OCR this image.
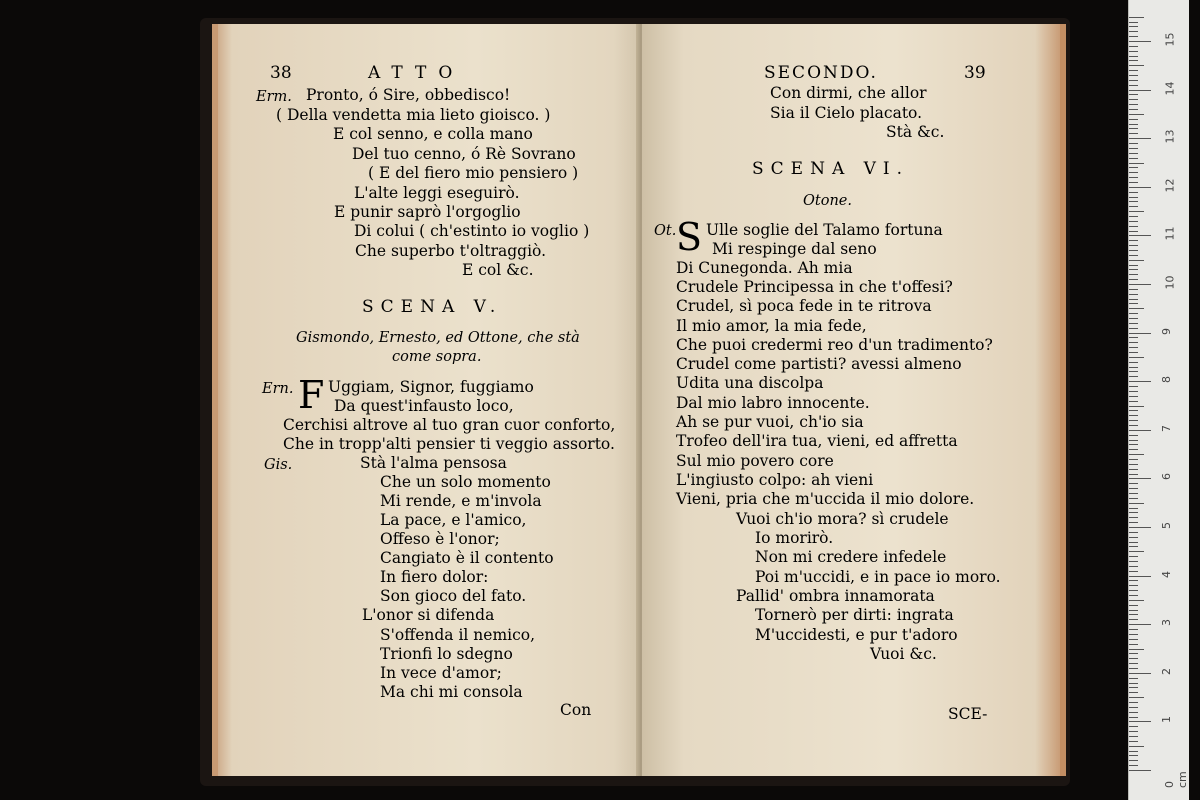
38	ATTO
Erm. Pronto, ó Sire, obbedisco!
( Della vendetta mia lieto gioisco. )
E col senno, e colla mano
Del tuo cenno, ó Rè Sovrano
( E del fiero mio pensiero )
L'alte leggi eseguirò.
E punir saprò l'orgoglio
Di colui ( ch'estinto io voglio )
Che superbo t'oltraggiò.
E col &c.
SCENA V.
Gismondo, Ernesto, ed Ottone, che stà
come sopra.
Ern. F Uggiam, Signor, fuggiamo
Da quest'infausto loco,
Cerchisi altrove al tuo gran cuor conforto,
Che in tropp'alti pensier ti veggio assorto.
Gis.	Stà l'alma pensosa
Che un solo momento
Mi rende, e m'invola
La pace, e l'amico,
Offeso è l'onor;
Cangiato è il contento
In fiero dolor:
Son gioco del fato.
L'onor si difenda
S'offenda il nemico,
Trionfi lo sdegno
In vece d'amor;
Ma chi mi consola
Con
SECONDO.	39
Con dirmi, che allor
Sia il Cielo placato.
Stà &c.
SCENA VI.
Otone.
Ot. S Ulle soglie del Talamo fortuna
Mi respinge dal seno
Di Cunegonda. Ah mia
Crudele Principessa in che t'offesi?
Crudel, sì poca fede in te ritrova
Il mio amor, la mia fede,
Che puoi credermi reo d'un tradimento?
Crudel come partisti? avessi almeno
Udita una discolpa
Dal mio labro innocente.
Ah se pur vuoi, ch'io sia
Trofeo dell'ira tua, vieni, ed affretta
Sul mio povero core
L'ingiusto colpo: ah vieni
Vieni, pria che m'uccida il mio dolore.
Vuoi ch'io mora? sì crudele
Io morirò.
Non mi credere infedele
Poi m'uccidi, e in pace io moro.
Pallid' ombra innamorata
Tornerò per dirti: ingrata
M'uccidesti, e pur t'adoro
Vuoi &c.
SCE-
0 cm
1
2
3
4
5
6
7
8
9
10
11
12
13
14
15
